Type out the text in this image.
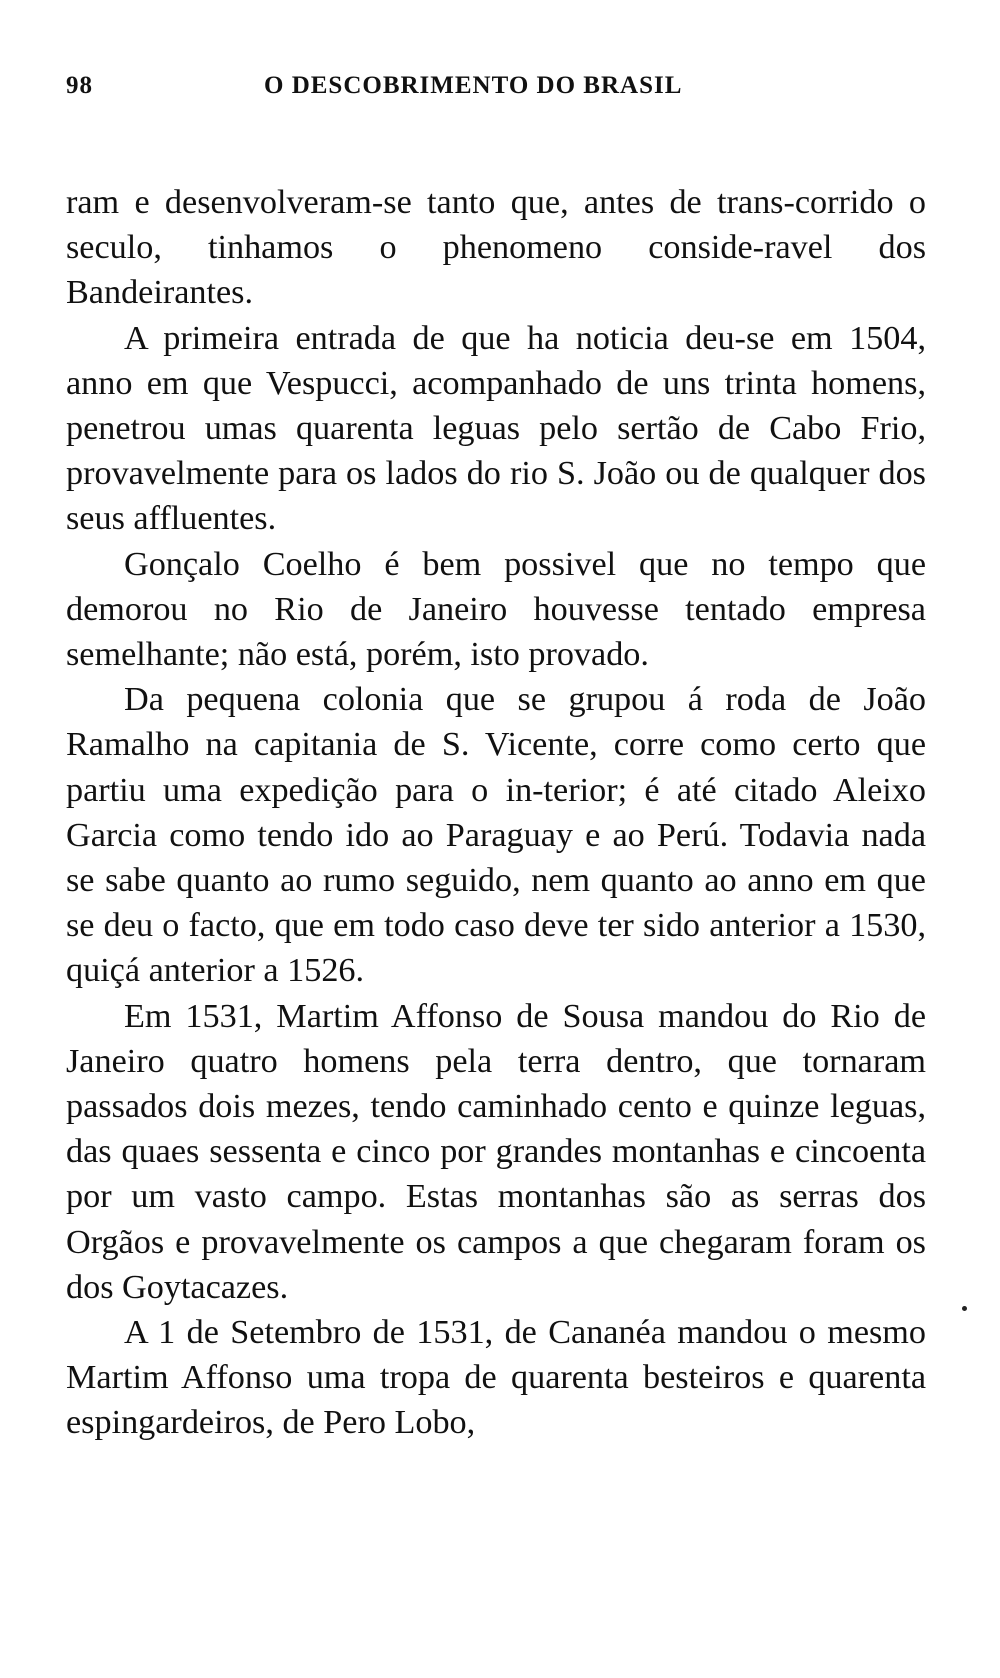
98	O DESCOBRIMENTO DO BRASIL

ram e desenvolveram-se tanto que, antes de trans-corrido o seculo, tinhamos o phenomeno conside-ravel dos Bandeirantes.

A primeira entrada de que ha noticia deu-se em 1504, anno em que Vespucci, acompanhado de uns trinta homens, penetrou umas quarenta leguas pelo sertão de Cabo Frio, provavelmente para os lados do rio S. João ou de qualquer dos seus affluentes.

Gonçalo Coelho é bem possivel que no tempo que demorou no Rio de Janeiro houvesse tentado empresa semelhante; não está, porém, isto provado.

Da pequena colonia que se grupou á roda de João Ramalho na capitania de S. Vicente, corre como certo que partiu uma expedição para o in-terior; é até citado Aleixo Garcia como tendo ido ao Paraguay e ao Perú. Todavia nada se sabe quanto ao rumo seguido, nem quanto ao anno em que se deu o facto, que em todo caso deve ter sido anterior a 1530, quiçá anterior a 1526.

Em 1531, Martim Affonso de Sousa mandou do Rio de Janeiro quatro homens pela terra dentro, que tornaram passados dois mezes, tendo caminhado cento e quinze leguas, das quaes sessenta e cinco por grandes montanhas e cincoenta por um vasto campo. Estas montanhas são as serras dos Orgãos e provavelmente os campos a que chegaram foram os dos Goytacazes.

A 1 de Setembro de 1531, de Cananéa mandou o mesmo Martim Affonso uma tropa de quarenta besteiros e quarenta espingardeiros, de Pero Lobo,
